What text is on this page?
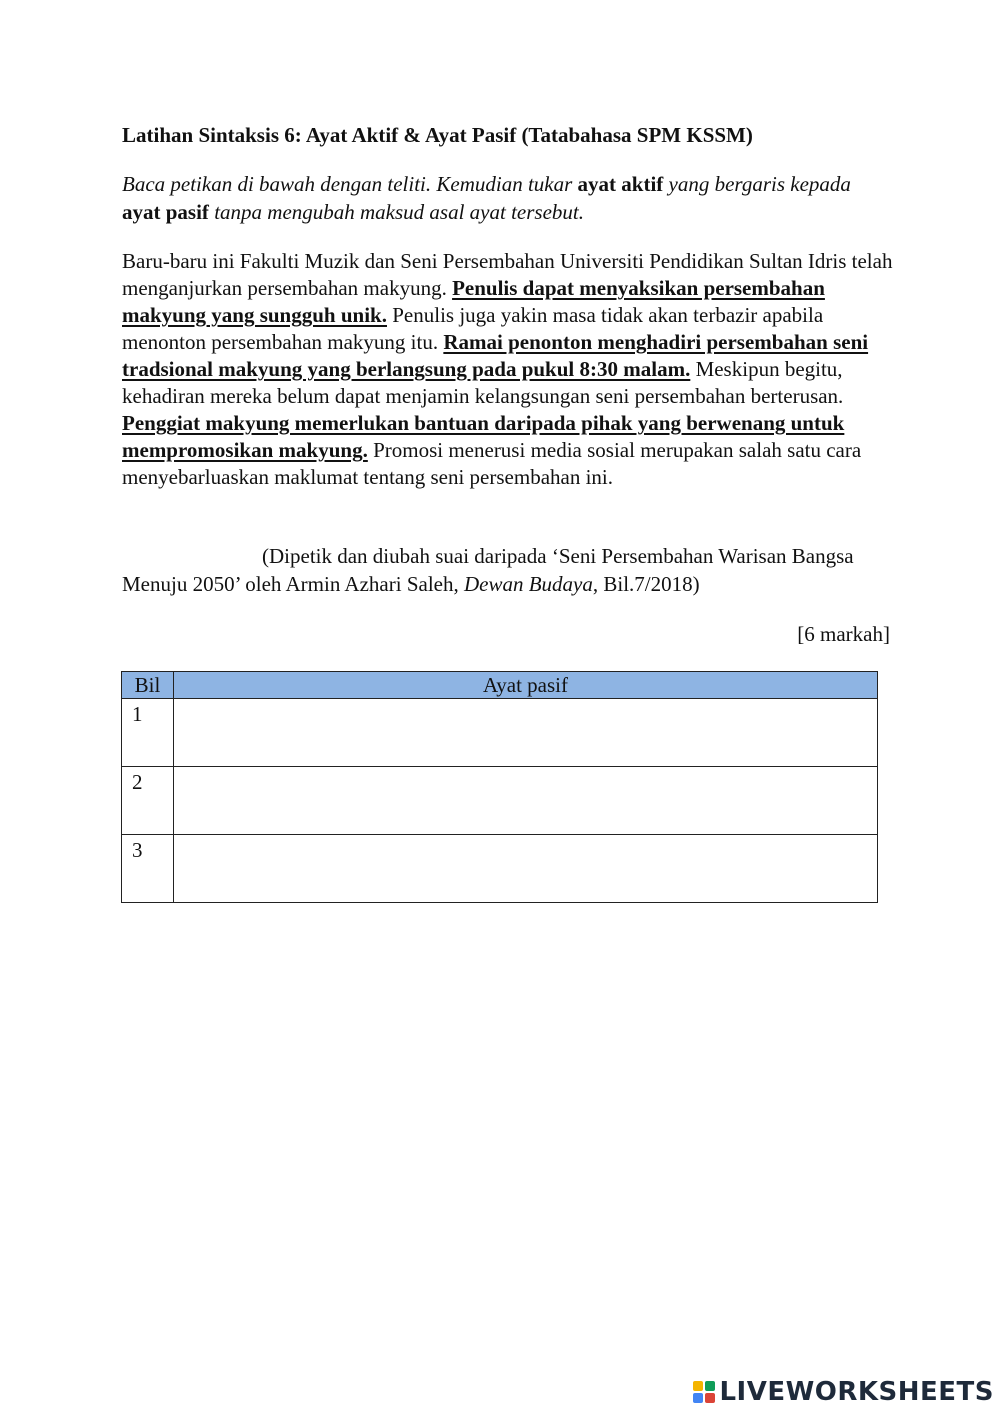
Latihan Sintaksis 6: Ayat Aktif & Ayat Pasif (Tatabahasa SPM KSSM)
Baca petikan di bawah dengan teliti. Kemudian tukar ayat aktif yang bergaris kepada ayat pasif tanpa mengubah maksud asal ayat tersebut.
Baru-baru ini Fakulti Muzik dan Seni Persembahan Universiti Pendidikan Sultan Idris telah menganjurkan persembahan makyung. Penulis dapat menyaksikan persembahan makyung yang sungguh unik. Penulis juga yakin masa tidak akan terbazir apabila menonton persembahan makyung itu. Ramai penonton menghadiri persembahan seni tradsional makyung yang berlangsung pada pukul 8:30 malam. Meskipun begitu, kehadiran mereka belum dapat menjamin kelangsungan seni persembahan berterusan. Penggiat makyung memerlukan bantuan daripada pihak yang berwenang untuk mempromosikan makyung. Promosi menerusi media sosial merupakan salah satu cara menyebarluaskan maklumat tentang seni persembahan ini.
(Dipetik dan diubah suai daripada ‘Seni Persembahan Warisan Bangsa Menuju 2050’ oleh Armin Azhari Saleh, Dewan Budaya, Bil.7/2018)
[6 markah]
Bil	Ayat pasif
1	
2	
3	
LIVEWORKSHEETS
